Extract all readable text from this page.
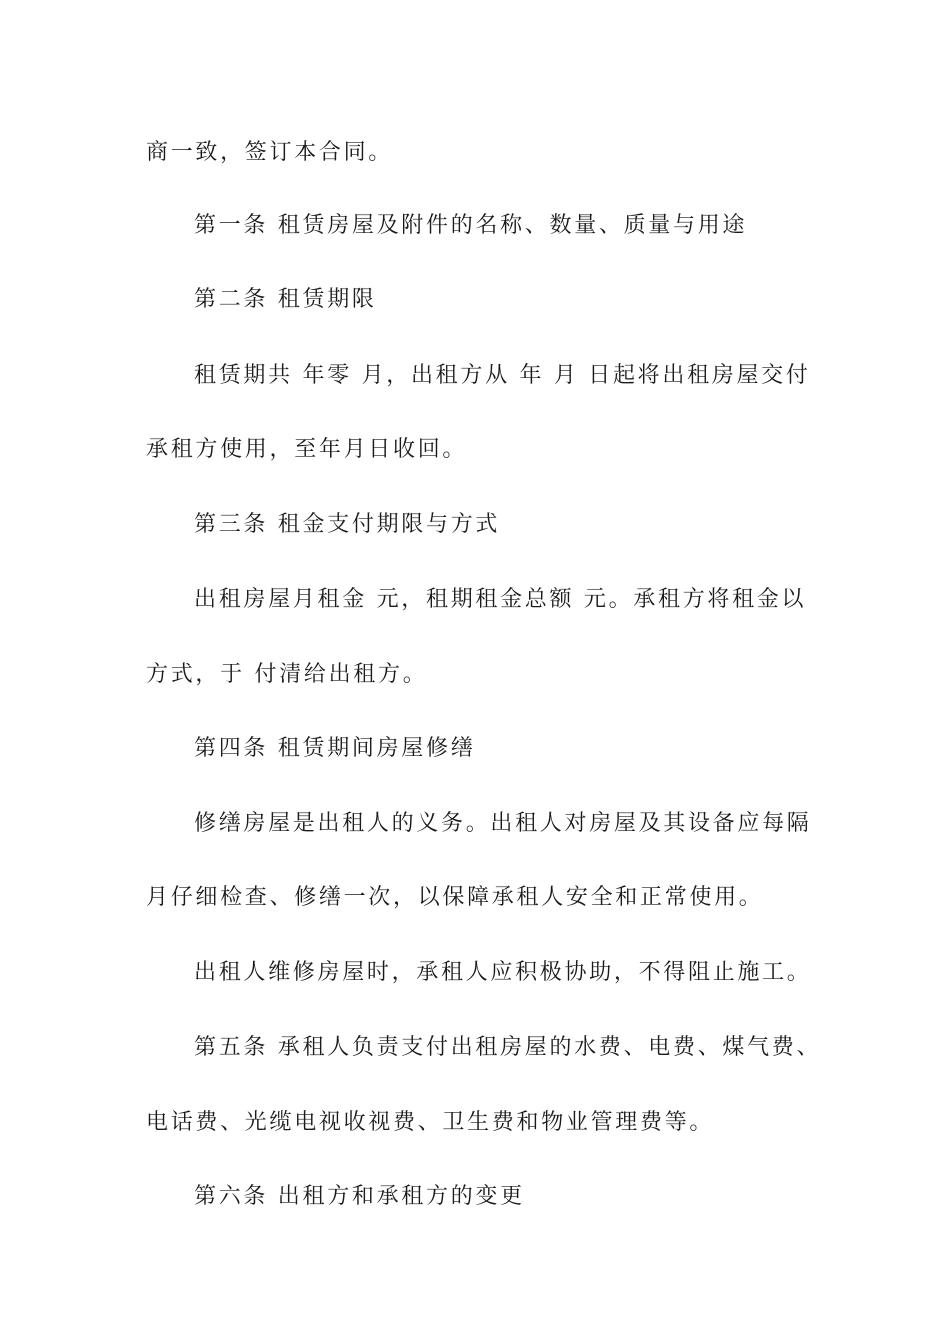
商一致，签订本合同。

第一条 租赁房屋及附件的名称、数量、质量与用途

第二条 租赁期限

租赁期共 年零 月，出租方从 年 月 日起将出租房屋交付

承租方使用，至年月日收回。

第三条 租金支付期限与方式

出租房屋月租金 元，租期租金总额 元。承租方将租金以

方式，于 付清给出租方。

第四条 租赁期间房屋修缮

修缮房屋是出租人的义务。出租人对房屋及其设备应每隔

月仔细检查、修缮一次，以保障承租人安全和正常使用。

出租人维修房屋时，承租人应积极协助，不得阻止施工。

第五条 承租人负责支付出租房屋的水费、电费、煤气费、

电话费、光缆电视收视费、卫生费和物业管理费等。

第六条 出租方和承租方的变更
